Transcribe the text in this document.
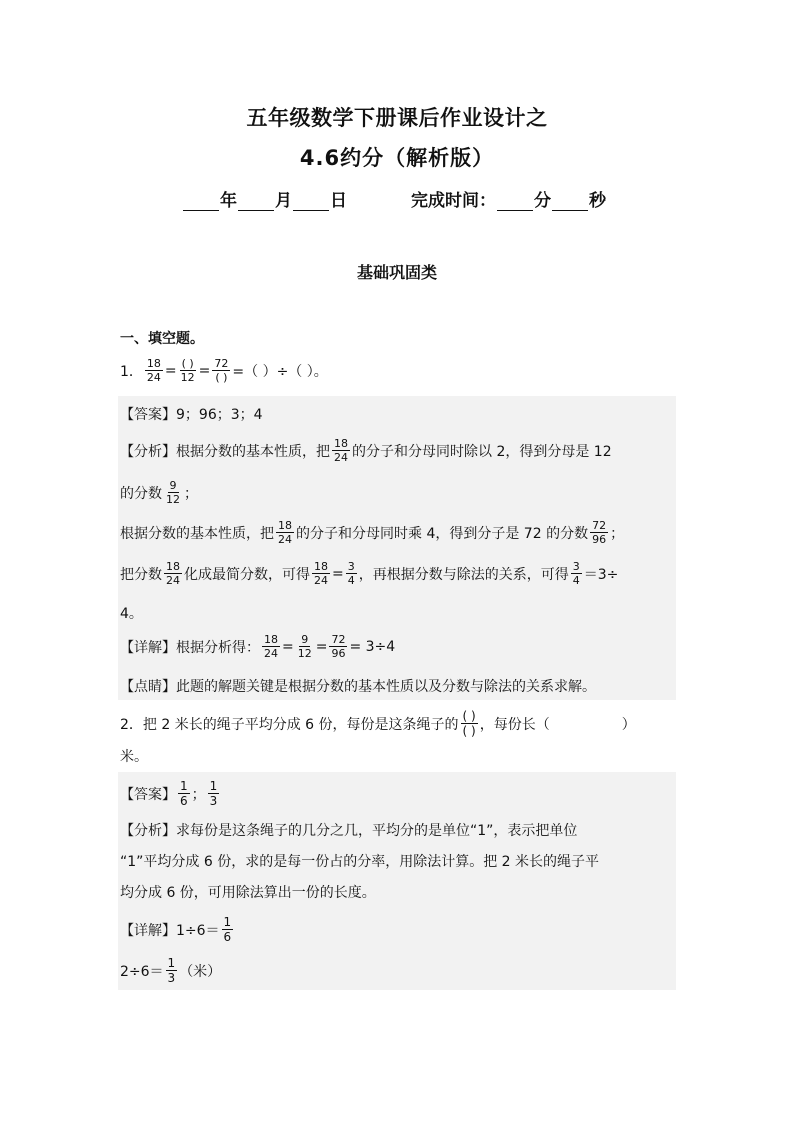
五年级数学下册课后作业设计之
4.6约分（解析版）
年 月 日	完成时间： 分 秒
基础巩固类
一、填空题。
1． $\frac{18}{24} = \frac{( )}{12} = \frac{72}{( )}$ =（ ）÷（ ）。
【答案】 9；96；3；4
【分析】 根据分数的基本性质，把 $\frac{18}{24}$ 的分子和分母同时除以 2，得到分母是 12
的分数 $\frac{9}{12}$ ；
根据分数的基本性质，把 $\frac{18}{24}$ 的分子和分母同时乘 4，得到分子是 72 的分数 $\frac{72}{96}$ ；
把分数 $\frac{18}{24}$ 化成最简分数，可得 $\frac{18}{24} = \frac{3}{4}$ ，再根据分数与除法的关系，可得 $\frac{3}{4} =3\div$
4。
【详解】 根据分析得： $\frac{18}{24} = \frac{9}{12} = \frac{72}{96} = 3\div 4$
【点睛】 此题的解题关键是根据分数的基本性质以及分数与除法的关系求解。
2．把 2 米长的绳子平均分成 6 份，每份是这条绳子的 $\frac{( )}{( )}$ ，每份长（	）
米。
【答案】 $\frac{1}{6}$ ； $\frac{1}{3}$
【分析】 求每份是这条绳子的几分之几，平均分的是单位“1”，表示把单位
“1”平均分成 6 份，求的是每一份占的分率，用除法计算。把 2 米长的绳子平
均分成 6 份，可用除法算出一份的长度。
【详解】 $1\div 6= \frac{1}{6}$
$2\div 6= \frac{1}{3}$ （米）
